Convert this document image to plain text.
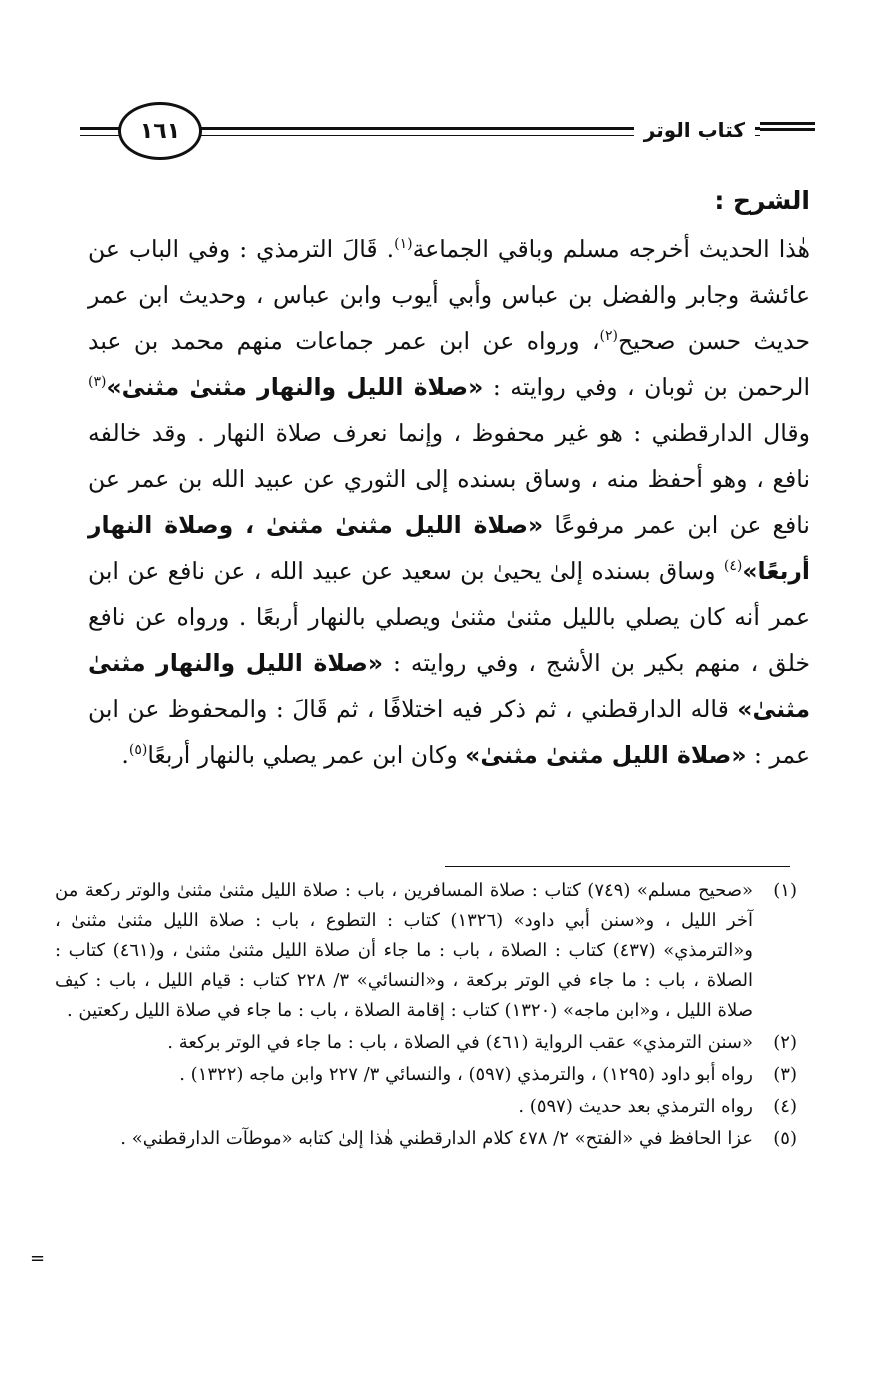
١٦١	كتاب الوتر
الشرح :

هٰذا الحديث أخرجه مسلم وباقي الجماعة$^{(١)}$. قَالَ الترمذي : وفي الباب عن عائشة وجابر والفضل بن عباس وأبي أيوب وابن عباس ، وحديث ابن عمر حديث حسن صحيح$^{(٢)}$، ورواه عن ابن عمر جماعات منهم محمد بن عبد الرحمن بن ثوبان ، وفي روايته : «صلاة الليل والنهار مثنىٰ مثنىٰ»$^{(٣)}$ وقال الدارقطني : هو غير محفوظ ، وإنما نعرف صلاة النهار . وقد خالفه نافع ، وهو أحفظ منه ، وساق بسنده إلى الثوري عن عبيد الله بن عمر عن نافع عن ابن عمر مرفوعًا «صلاة الليل مثنىٰ مثنىٰ ، وصلاة النهار أربعًا»$^{(٤)}$ وساق بسنده إلىٰ يحيىٰ بن سعيد عن عبيد الله ، عن نافع عن ابن عمر أنه كان يصلي بالليل مثنىٰ مثنىٰ ويصلي بالنهار أربعًا . ورواه عن نافع خلق ، منهم بكير بن الأشج ، وفي روايته : «صلاة الليل والنهار مثنىٰ مثنىٰ» قاله الدارقطني ، ثم ذكر فيه اختلافًا ، ثم قَالَ : والمحفوظ عن ابن عمر : «صلاة الليل مثنىٰ مثنىٰ» وكان ابن عمر يصلي بالنهار أربعًا$^{(٥)}$.

(١)
«صحيح مسلم» (٧٤٩) كتاب : صلاة المسافرين ، باب : صلاة الليل مثنىٰ مثنىٰ والوتر ركعة من آخر الليل ، و«سنن أبي داود» (١٣٢٦) كتاب : التطوع ، باب : صلاة الليل مثنىٰ مثنىٰ ، و«الترمذي» (٤٣٧) كتاب : الصلاة ، باب : ما جاء أن صلاة الليل مثنىٰ مثنىٰ ، و(٤٦١) كتاب : الصلاة ، باب : ما جاء في الوتر بركعة ، و«النسائي» ٣/ ٢٢٨ كتاب : قيام الليل ، باب : كيف صلاة الليل ، و«ابن ماجه» (١٣٢٠) كتاب : إقامة الصلاة ، باب : ما جاء في صلاة الليل ركعتين .
(٢)
«سنن الترمذي» عقب الرواية (٤٦١) في الصلاة ، باب : ما جاء في الوتر بركعة .
(٣)
رواه أبو داود (١٢٩٥) ، والترمذي (٥٩٧) ، والنسائي ٣/ ٢٢٧ وابن ماجه (١٣٢٢) .
(٤)
رواه الترمذي بعد حديث (٥٩٧) .
(٥)
عزا الحافظ في «الفتح» ٢/ ٤٧٨ كلام الدارقطني هٰذا إلىٰ كتابه «موطآت الدارقطني» .
=
